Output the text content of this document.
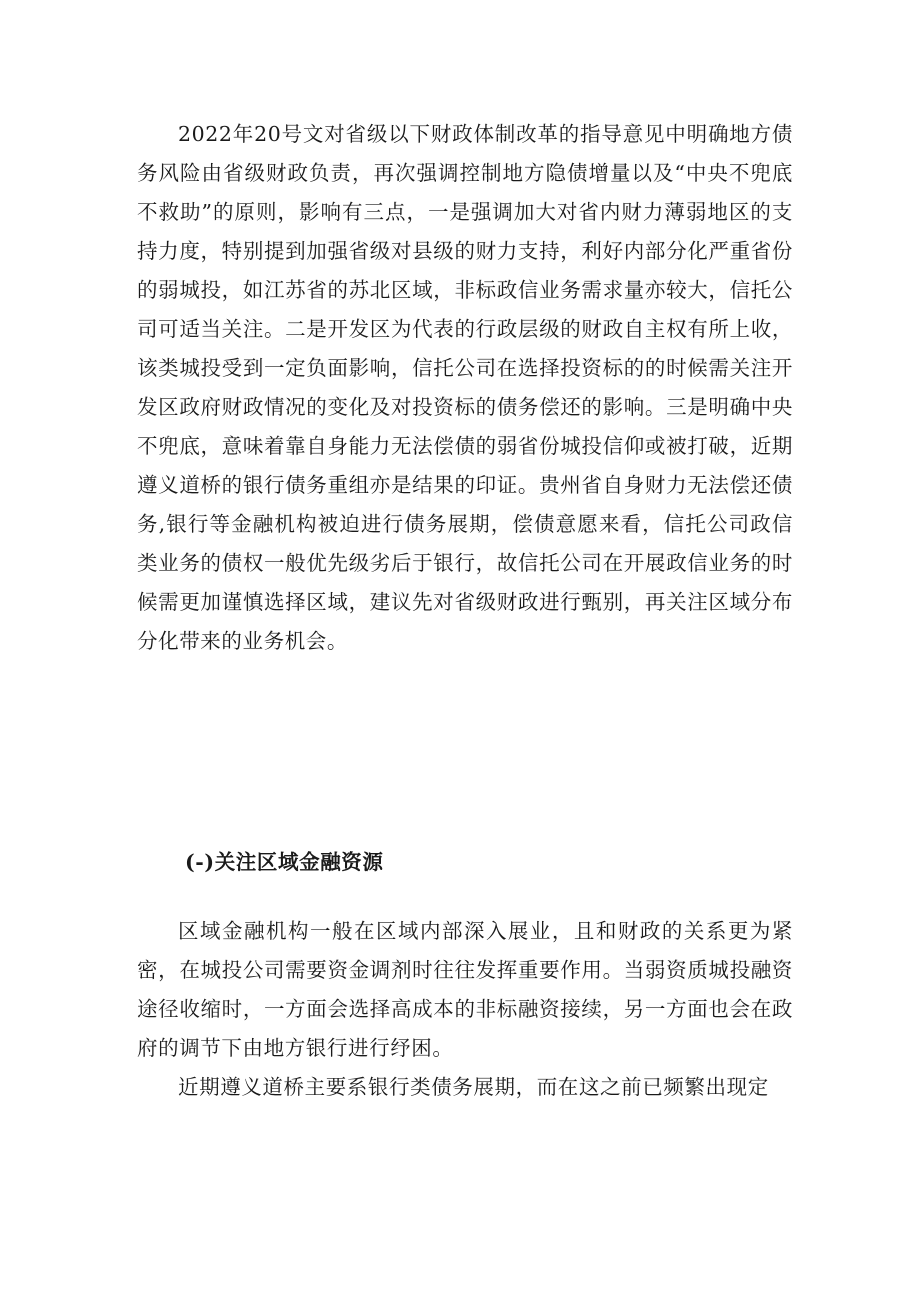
2022年20号文对省级以下财政体制改革的指导意见中明确地方债务风险由省级财政负责，再次强调控制地方隐债增量以及“中央不兜底不救助”的原则，影响有三点，一是强调加大对省内财力薄弱地区的支持力度，特别提到加强省级对县级的财力支持，利好内部分化严重省份的弱城投，如江苏省的苏北区域，非标政信业务需求量亦较大，信托公司可适当关注。二是开发区为代表的行政层级的财政自主权有所上收，该类城投受到一定负面影响，信托公司在选择投资标的的时候需关注开发区政府财政情况的变化及对投资标的债务偿还的影响。三是明确中央不兜底，意味着靠自身能力无法偿债的弱省份城投信仰或被打破，近期遵义道桥的银行债务重组亦是结果的印证。贵州省自身财力无法偿还债务,银行等金融机构被迫进行债务展期，偿债意愿来看，信托公司政信类业务的债权一般优先级劣后于银行，故信托公司在开展政信业务的时候需更加谨慎选择区域，建议先对省级财政进行甄别，再关注区域分布分化带来的业务机会。

(-)关注区域金融资源

区域金融机构一般在区域内部深入展业，且和财政的关系更为紧密，在城投公司需要资金调剂时往往发挥重要作用。当弱资质城投融资途径收缩时，一方面会选择高成本的非标融资接续，另一方面也会在政府的调节下由地方银行进行纾困。

近期遵义道桥主要系银行类债务展期，而在这之前已频繁出现定
